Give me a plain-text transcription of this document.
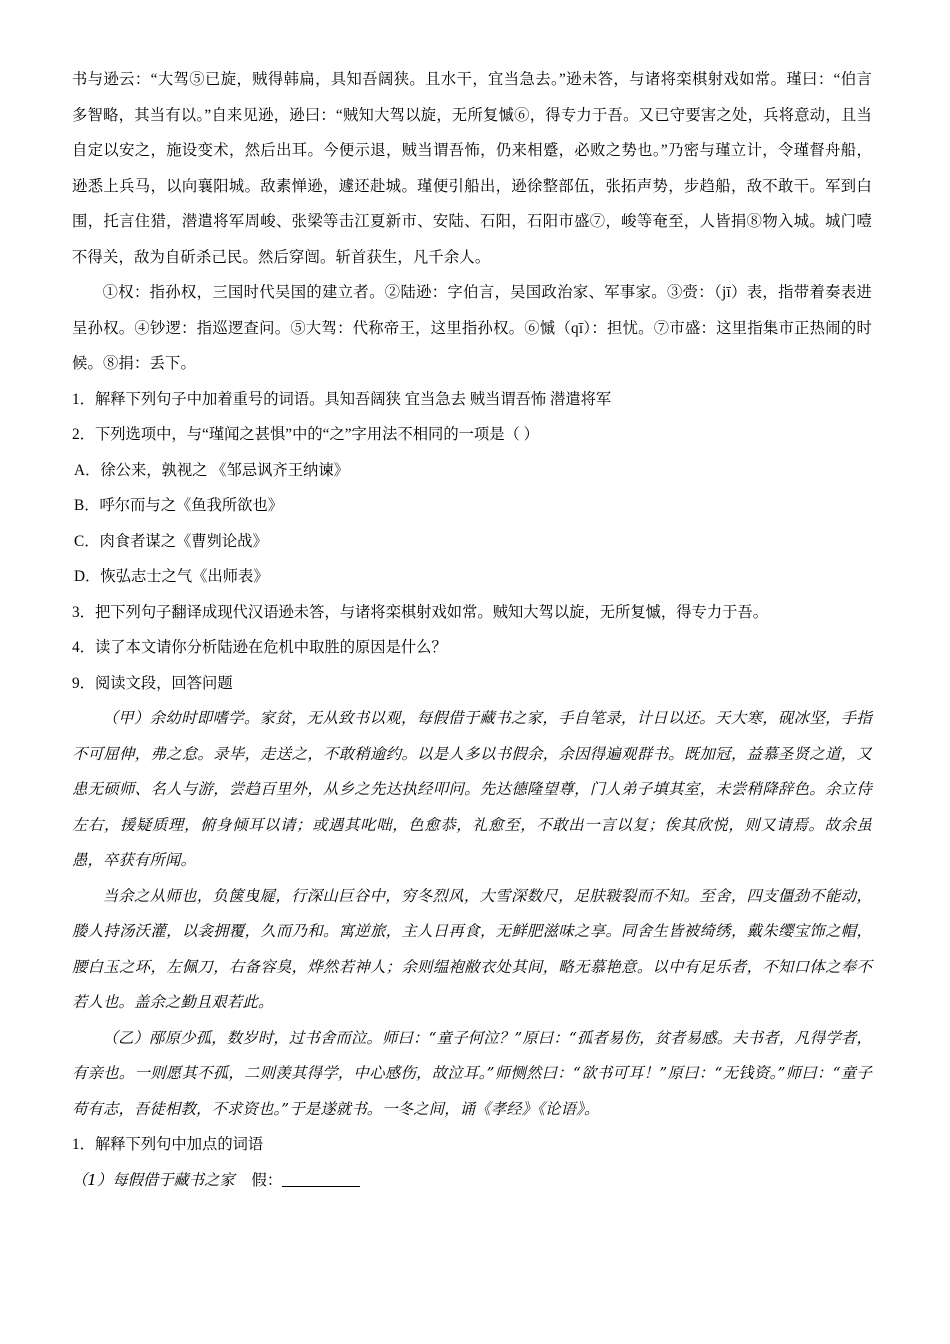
书与逊云：“大驾⑤已旋，贼得韩扁，具知吾阔狭。且水干，宜当急去。”逊未答，与诸将栾棋射戏如常。瑾曰：“伯言多智略，其当有以。”自来见逊，逊曰：“贼知大驾以旋，无所复慽⑥，得专力于吾。又已守要害之处，兵将意动，且当自定以安之，施设变术，然后出耳。今便示退，贼当谓吾怖，仍来相蹙，必败之势也。”乃密与瑾立计，令瑾督舟船，逊悉上兵马，以向襄阳城。敌素惮逊，遽还赴城。瑾便引船出，逊徐整部伍，张拓声势，步趋船，敌不敢干。军到白围，托言住猎，潜遣将军周峻、张梁等击江夏新市、安陆、石阳，石阳市盛⑦，峻等奄至，人皆捐⑧物入城。城门噎不得关，敌为自斫杀己民。然后穿闿。斩首获生，凡千余人。

①权：指孙权，三国时代吴国的建立者。②陆逊：字伯言，吴国政治家、军事家。③赍：（jī）表，指带着奏表进呈孙权。④钞逻：指巡逻查问。⑤大驾：代称帝王，这里指孙权。⑥慽（qī）：担忧。⑦市盛：这里指集市正热闹的时候。⑧捐：丢下。

1．解释下列句子中加着重号的词语。具知吾阔狭 宜当急去 贼当谓吾怖 潜遣将军

2．下列选项中，与“瑾闻之甚惧”中的“之”字用法不相同的一项是（ ）

A．徐公来，孰视之 《邹忌讽齐王纳谏》

B．呼尔而与之《鱼我所欲也》

C．肉食者谋之《曹刿论战》

D．恢弘志士之气《出师表》

3．把下列句子翻译成现代汉语逊未答，与诸将栾棋射戏如常。贼知大驾以旋，无所复慽，得专力于吾。

4．读了本文请你分析陆逊在危机中取胜的原因是什么？

9．阅读文段，回答问题

（甲）余幼时即嗜学。家贫，无从致书以观，每假借于藏书之家，手自笔录，计日以还。天大寒，砚冰坚，手指不可屈伸，弗之怠。录毕，走送之，不敢稍逾约。以是人多以书假余，余因得遍观群书。既加冠，益慕圣贤之道，又患无硕师、名人与游，尝趋百里外，从乡之先达执经叩问。先达德隆望尊，门人弟子填其室，未尝稍降辞色。余立侍左右，援疑质理，俯身倾耳以请；或遇其叱咄，色愈恭，礼愈至，不敢出一言以复；俟其欣悦，则又请焉。故余虽愚，卒获有所闻。

当余之从师也，负箧曳屣，行深山巨谷中，穷冬烈风，大雪深数尺，足肤皲裂而不知。至舍，四支僵劲不能动，媵人持汤沃灌，以衾拥覆，久而乃和。寓逆旅，主人日再食，无鲜肥滋味之享。同舍生皆被绮绣，戴朱缨宝饰之帽，腰白玉之环，左佩刀，右备容臭，烨然若神人；余则缊袍敝衣处其间，略无慕艳意。以中有足乐者，不知口体之奉不若人也。盖余之勤且艰若此。

（乙）邴原少孤，数岁时，过书舍而泣。师曰：“童子何泣？”原曰：“孤者易伤，贫者易感。夫书者，凡得学者，有亲也。一则愿其不孤，二则羡其得学，中心感伤，故泣耳。”师恻然曰：“欲书可耳！”原曰：“无钱资。”师曰：“童子苟有志，吾徒相教，不求资也。”于是遂就书。一冬之间，诵《孝经》《论语》。

1．解释下列句中加点的词语

（1）每假借于藏书之家 假：
